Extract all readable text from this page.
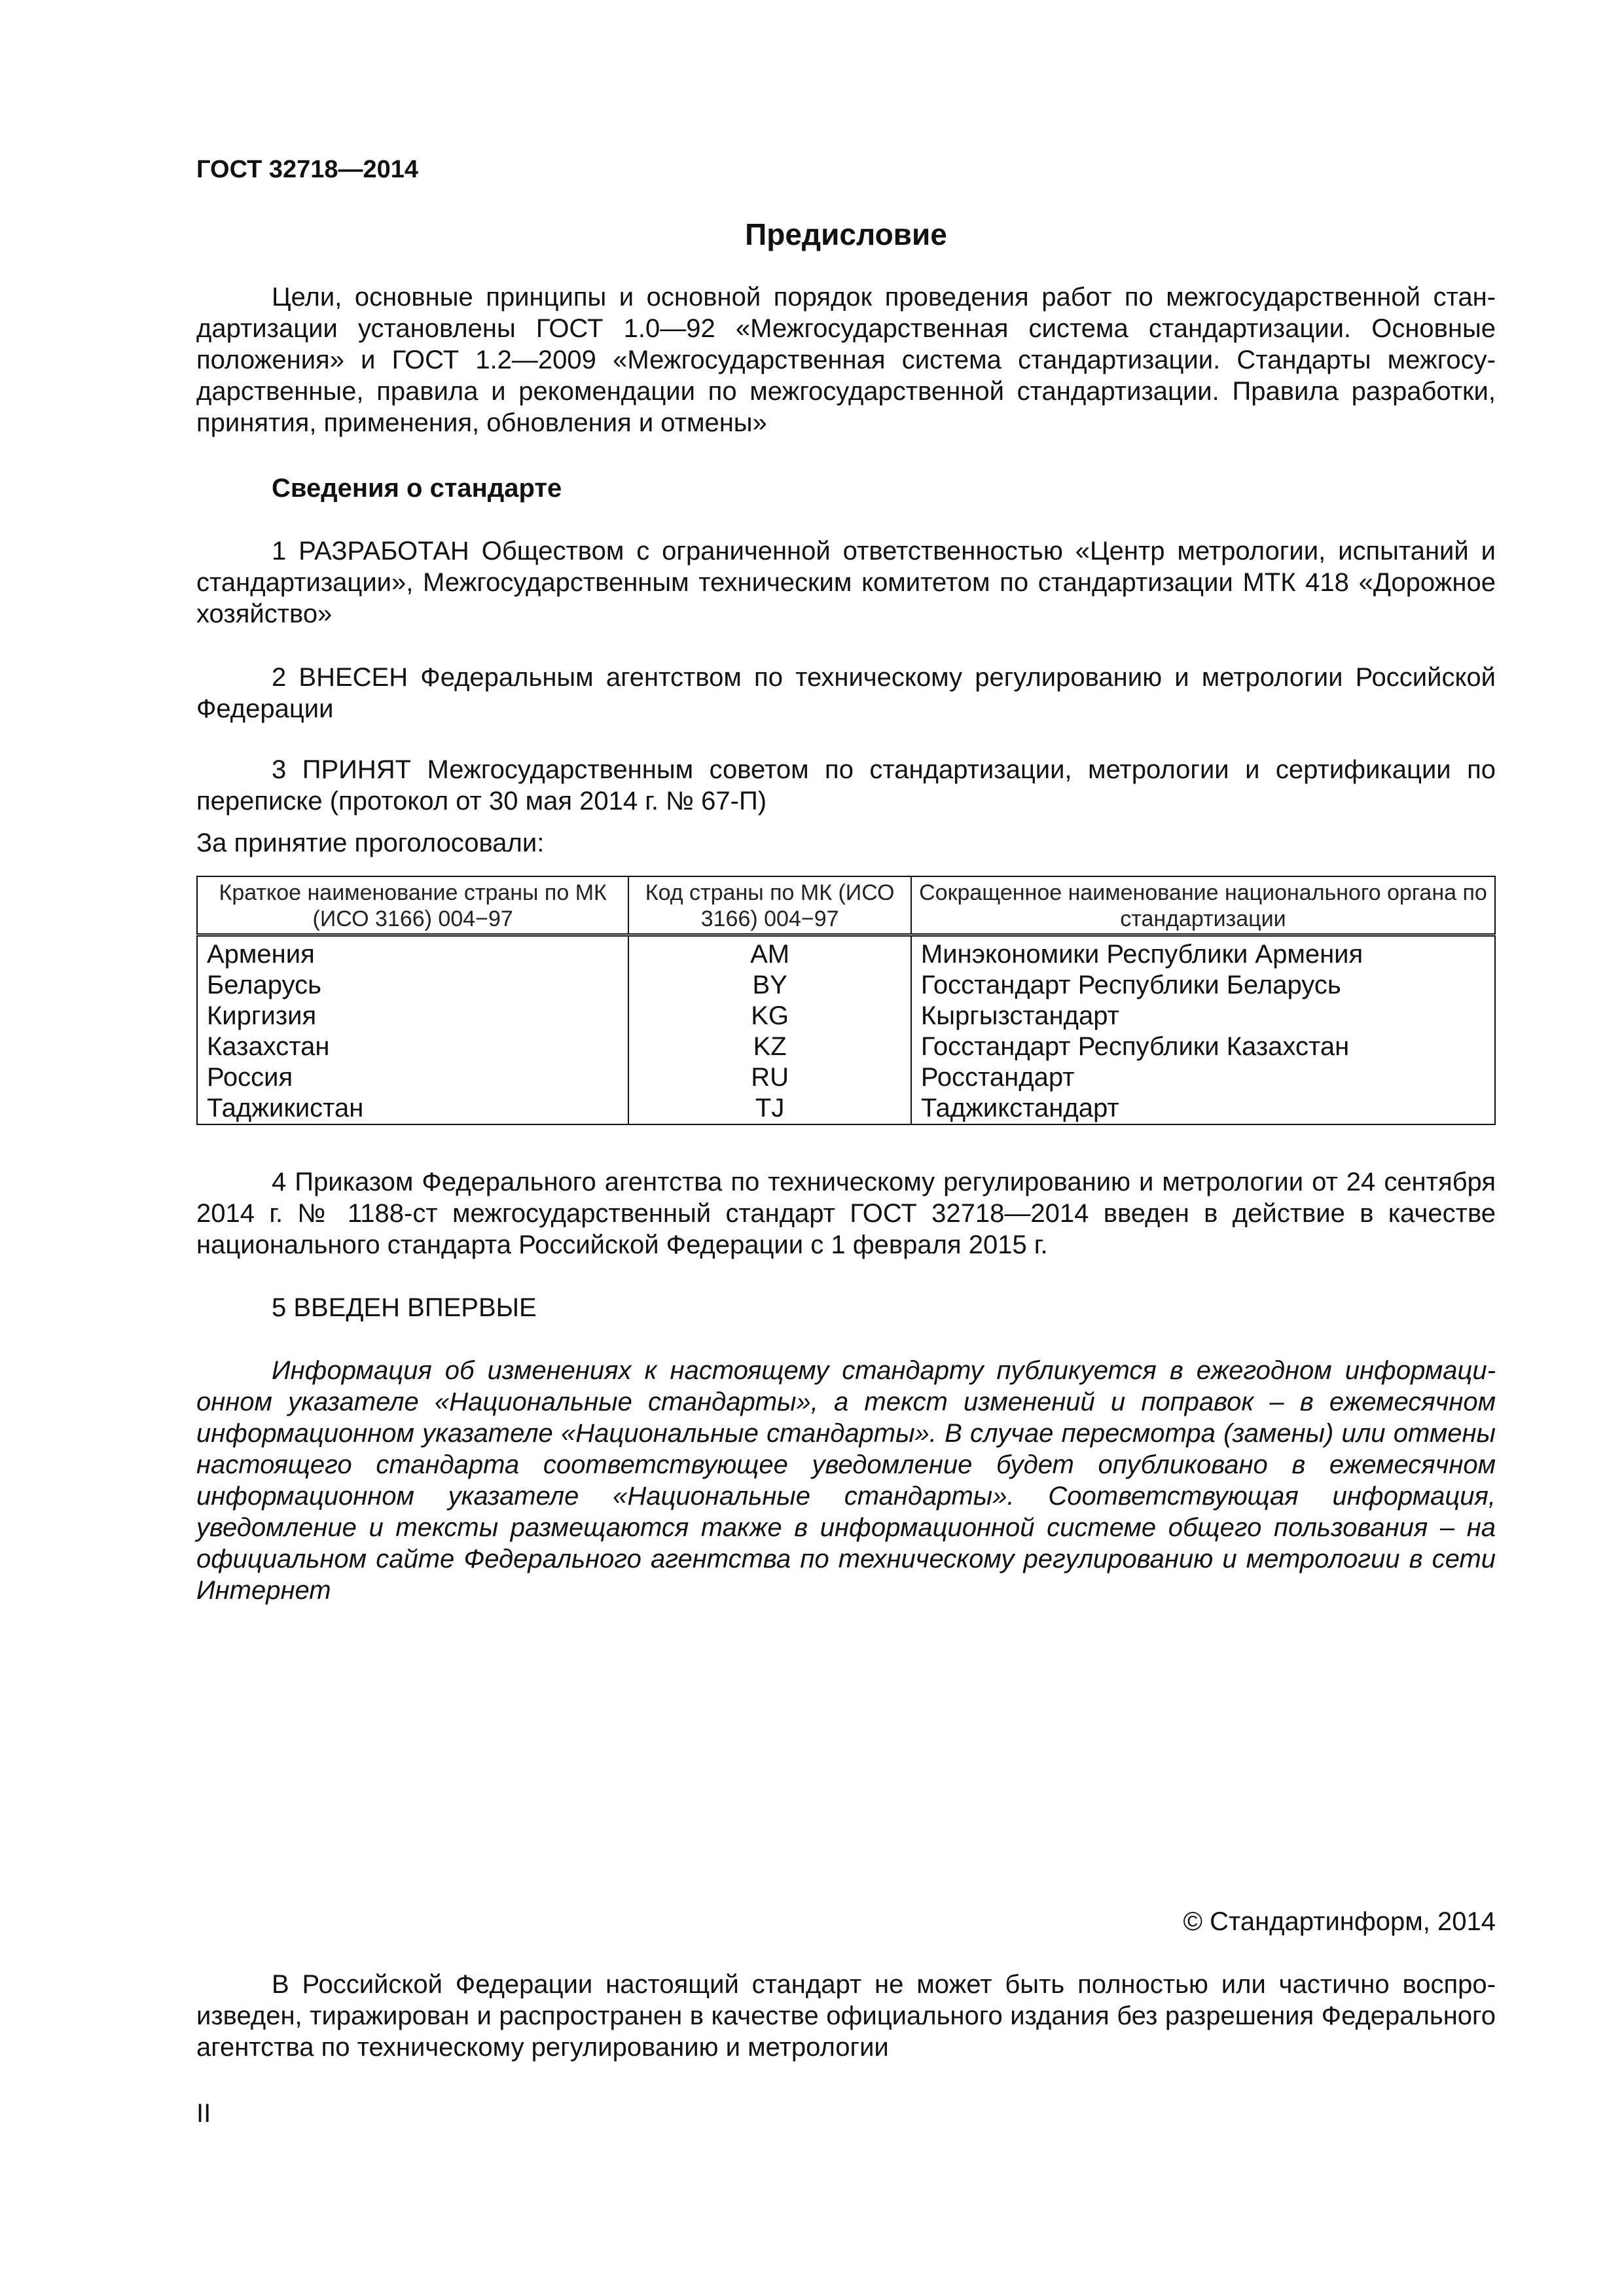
ГОСТ 32718—2014

Предисловие

Цели, основные принципы и основной порядок проведения работ по межгосударственной стандартизации установлены ГОСТ 1.0—92 «Межгосударственная система стандартизации. Основные положения» и ГОСТ 1.2—2009 «Межгосударственная система стандартизации. Стандарты межгосударственные, правила и рекомендации по межгосударственной стандартизации. Правила разработки, принятия, применения, обновления и отмены»

Сведения о стандарте

1 РАЗРАБОТАН Обществом с ограниченной ответственностью «Центр метрологии, испытаний и стандартизации», Межгосударственным техническим комитетом по стандартизации МТК 418 «Дорожное хозяйство»

2 ВНЕСЕН Федеральным агентством по техническому регулированию и метрологии Российской Федерации

3 ПРИНЯТ Межгосударственным советом по стандартизации, метрологии и сертификации по переписке (протокол от 30 мая 2014 г. № 67-П)

За принятие проголосовали:

Краткое наименование страны по МК (ИСО 3166) 004−97	Код страны по МК (ИСО 3166) 004−97	Сокращенное наименование национального органа по стандартизации
Армения	AM	Минэкономики Республики Армения
Беларусь	BY	Госстандарт Республики Беларусь
Киргизия	KG	Кыргызстандарт
Казахстан	KZ	Госстандарт Республики Казахстан
Россия	RU	Росстандарт
Таджикистан	TJ	Таджикстандарт

4 Приказом Федерального агентства по техническому регулированию и метрологии от 24 сентября 2014 г. № 1188-ст межгосударственный стандарт ГОСТ 32718—2014 введен в действие в качестве национального стандарта Российской Федерации с 1 февраля 2015 г.

5 ВВЕДЕН ВПЕРВЫЕ

Информация об изменениях к настоящему стандарту публикуется в ежегодном информационном указателе «Национальные стандарты», а текст изменений и поправок – в ежемесячном информационном указателе «Национальные стандарты». В случае пересмотра (замены) или отмены настоящего стандарта соответствующее уведомление будет опубликовано в ежемесячном информационном указателе «Национальные стандарты». Соответствующая информация, уведомление и тексты размещаются также в информационной системе общего пользования – на официальном сайте Федерального агентства по техническому регулированию и метрологии в сети Интернет

© Стандартинформ, 2014

В Российской Федерации настоящий стандарт не может быть полностью или частично воспроизведен, тиражирован и распространен в качестве официального издания без разрешения Федерального агентства по техническому регулированию и метрологии

II
